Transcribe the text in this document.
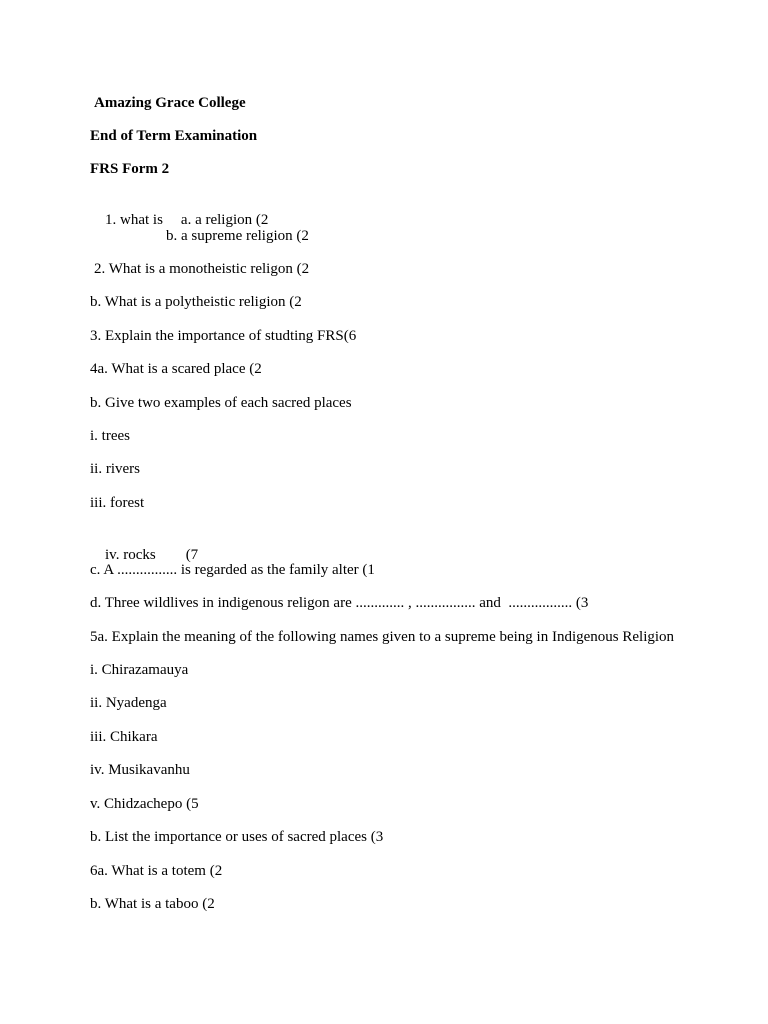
Amazing Grace College
End of Term Examination
FRS Form 2

1. what is a. a religion (2

b. a supreme religion (2
2. What is a monotheistic religon (2
b. What is a polytheistic religion (2
3. Explain the importance of studting FRS(6
4a. What is a scared place (2
b. Give two examples of each sacred places
i. trees
ii. rivers
iii. forest

iv. rocks (7

c. A ................ is regarded as the family alter (1
d. Three wildlives in indigenous religon are ............. , ................ and  ................. (3
5a. Explain the meaning of the following names given to a supreme being in Indigenous Religion
i. Chirazamauya
ii. Nyadenga
iii. Chikara
iv. Musikavanhu
v. Chidzachepo (5
b. List the importance or uses of sacred places (3
6a. What is a totem (2
b. What is a taboo (2
